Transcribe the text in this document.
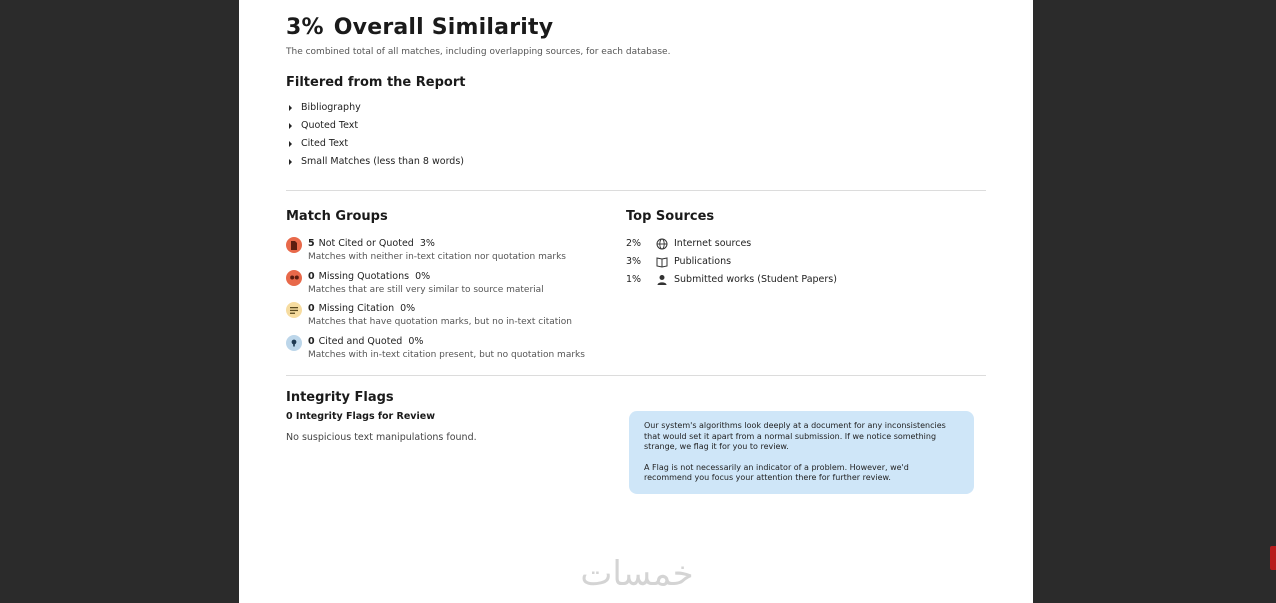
3% Overall Similarity
The combined total of all matches, including overlapping sources, for each database.
Filtered from the Report
Bibliography
Quoted Text
Cited Text
Small Matches (less than 8 words)
Match Groups
5 Not Cited or Quoted 3%
Matches with neither in-text citation nor quotation marks
0 Missing Quotations 0%
Matches that are still very similar to source material
0 Missing Citation 0%
Matches that have quotation marks, but no in-text citation
0 Cited and Quoted 0%
Matches with in-text citation present, but no quotation marks
Top Sources
2%	Internet sources
3%	Publications
1%	Submitted works (Student Papers)
Integrity Flags
0 Integrity Flags for Review
No suspicious text manipulations found.

Our system's algorithms look deeply at a document for any inconsistencies that would set it apart from a normal submission. If we notice something strange, we flag it for you to review.

A Flag is not necessarily an indicator of a problem. However, we'd recommend you focus your attention there for further review.

خمسات
